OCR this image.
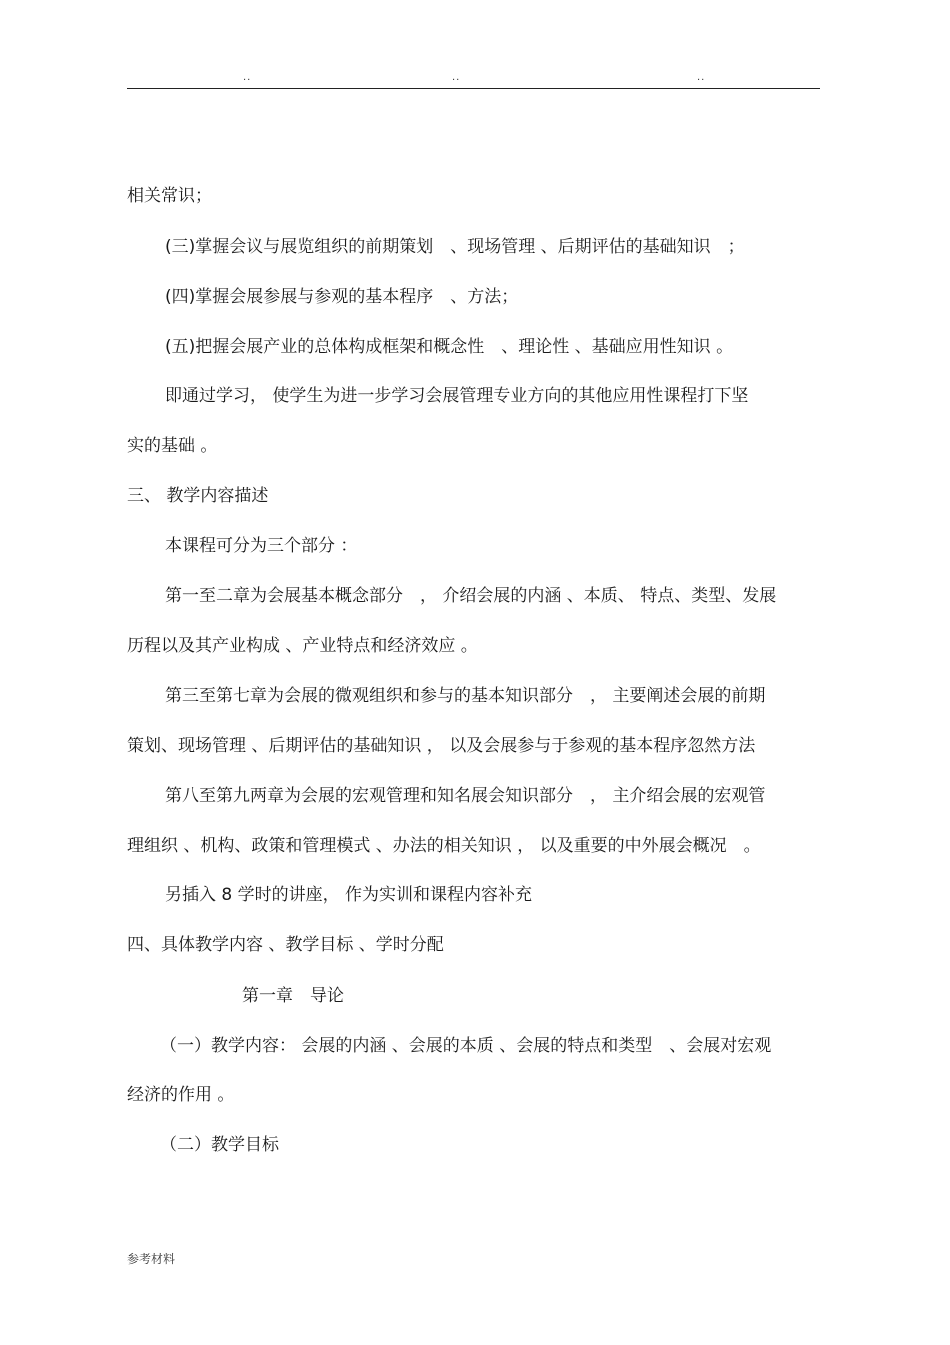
..	..	..
相关常识；
(三)掌握会议与展览组织的前期策划　、现场管理 、后期评估的基础知识　；
(四)掌握会展参展与参观的基本程序　、方法；
(五)把握会展产业的总体构成框架和概念性　、理论性 、基础应用性知识 。
即通过学习， 使学生为进一步学习会展管理专业方向的其他应用性课程打下坚
实的基础 。
三、 教学内容描述
本课程可分为三个部分 ：
第一至二章为会展基本概念部分　， 介绍会展的内涵 、本质、 特点、类型、发展
历程以及其产业构成 、产业特点和经济效应 。
第三至第七章为会展的微观组织和参与的基本知识部分　， 主要阐述会展的前期
策划、现场管理 、后期评估的基础知识 ， 以及会展参与于参观的基本程序忽然方法
第八至第九两章为会展的宏观管理和知名展会知识部分　， 主介绍会展的宏观管
理组织 、机构、政策和管理模式 、办法的相关知识 ， 以及重要的中外展会概况　。
另插入 8 学时的讲座， 作为实训和课程内容补充
四、具体教学内容 、教学目标 、学时分配
第一章　导论
（一）教学内容： 会展的内涵 、会展的本质 、会展的特点和类型　、会展对宏观
经济的作用 。
（二）教学目标
参考材料
